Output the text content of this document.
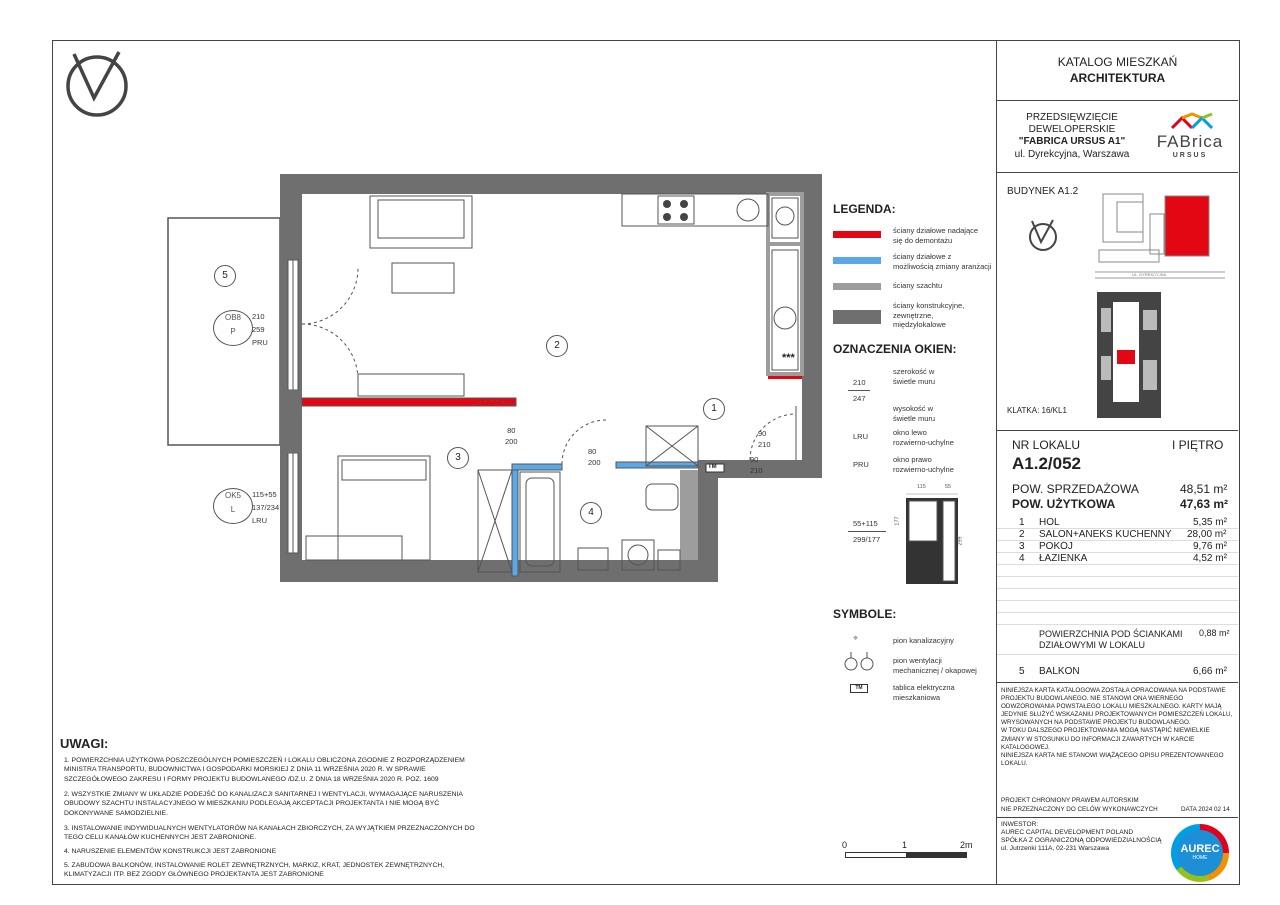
5
2
1
3
4
OB8
P
210
259
PRU
OK5
L
115+55
137/234
LRU
80
200
80
200
90
210
90
210
TM
***
LEGENDA:
ściany działowe nadające
się do demontażu
ściany działowe z
możliwością zmiany aranżacji
ściany szachtu
ściany konstrukcyjne,
zewnętrzne,
międzylokalowe
OZNACZENIA OKIEN:
210
247
szerokość w
świetle muru
wysokość w
świetle muru
LRU	okno lewo
rozwierno-uchylne
PRU
okno prawo
rozwierno-uchylne
55+115
299/177
115	55
177
299
SYMBOLE:
⌖	pion kanalizacyjny
pion wentylacji
mechanicznej / okapowej
TM	tablica elektryczna
mieszkaniowa
0	1	2m
UWAGI:
1. POWIERZCHNIA UŻYTKOWA POSZCZEGÓLNYCH POMIESZCZEŃ I LOKALU OBLICZONA ZGODNIE Z ROZPORZĄDZENIEM MINISTRA TRANSPORTU, BUDOWNICTWA I GOSPODARKI MORSKIEJ Z DNIA 11 WRZEŚNIA 2020 R. W SPRAWIE SZCZEGÓŁOWEGO ZAKRESU I FORMY PROJEKTU BUDOWLANEGO /DZ.U. Z DNIA 18 WRZEŚNIA 2020 R. POZ. 1609
2. WSZYSTKIE ZMIANY W UKŁADZIE PODEJŚĆ DO KANALIZACJI SANITARNEJ I WENTYLACJI, WYMAGAJĄCE NARUSZENIA OBUDOWY SZACHTU INSTALACYJNEGO W MIESZKANIU PODLEGAJĄ AKCEPTACJI PROJEKTANTA I NIE MOGĄ BYĆ DOKONYWANE SAMODZIELNIE.
3. INSTALOWANIE INDYWIDUALNYCH WENTYLATORÓW NA KANAŁACH ZBIORCZYCH, ZA WYJĄTKIEM PRZEZNACZONYCH DO TEGO CELU KANAŁÓW KUCHENNYCH JEST ZABRONIONE.
4. NARUSZENIE ELEMENTÓW KONSTRUKCJI JEST ZABRONIONE
5. ZABUDOWA BALKONÓW, INSTALOWANIE ROLET ZEWNĘTRZNYCH, MARKIZ, KRAT, JEDNOSTEK ZEWNĘTRZNYCH, KLIMATYZACJI ITP. BEZ ZGODY GŁÓWNEGO PROJEKTANTA JEST ZABRONIONE
KATALOG MIESZKAŃ
ARCHITEKTURA
PRZEDSIĘWZIĘCIE
DEWELOPERSKIE
"FABRICA URSUS A1"
ul. Dyrekcyjna, Warszawa
FABrica
URSUS
BUDYNEK A1.2
UL. DYREKCYJNA
KLATKA: 16/KL1
NR LOKALU	I PIĘTRO
A1.2/052
POW. SPRZEDAŻOWA	48,51 m²
POW. UŻYTKOWA	47,63 m²
1 HOL	5,35 m²
2 SALON+ANEKS KUCHENNY 28,00 m²
3 POKÓJ	9,76 m²
4 ŁAZIENKA	4,52 m²
POWIERZCHNIA POD ŚCIANKAMI
DZIAŁOWYMI W LOKALU
0,88 m²
5 BALKON	6,66 m²
NINIEJSZA KARTA KATALOGOWA ZOSTAŁA OPRACOWANA NA PODSTAWIE
PROJEKTU BUDOWLANEGO. NIE STANOWI ONA WIERNEGO
ODWZOROWANIA POWSTAŁEGO LOKALU MIESZKALNEGO. KARTY MAJĄ
JEDYNIE SŁUŻYĆ WSKAZANIU PROJEKTOWANYCH POMIESZCZEŃ LOKALU,
WRYSOWANYCH NA PODSTAWIE PROJEKTU BUDOWLANEGO.
W TOKU DALSZEGO PROJEKTOWANIA MOGĄ NASTĄPIĆ NIEWIELKIE
ZMIANY W STOSUNKU DO INFORMACJI ZAWARTYCH W KARCIE
KATALOGOWEJ.
NINIEJSZA KARTA NIE STANOWI WIĄŻĄCEGO OPISU PREZENTOWANEGO
LOKALU.
PROJEKT CHRONIONY PRAWEM AUTORSKIM
NIE PRZEZNACZONY DO CELÓW WYKONAWCZYCH	DATA 2024 02 14
INWESTOR:
AUREC CAPITAL DEVELOPMENT POLAND
SPÓŁKA Z OGRANICZONĄ ODPOWIEDZIALNOŚCIĄ
ul. Jutrzenki 111A, 02-231 Warszawa	AUREC
HOME
